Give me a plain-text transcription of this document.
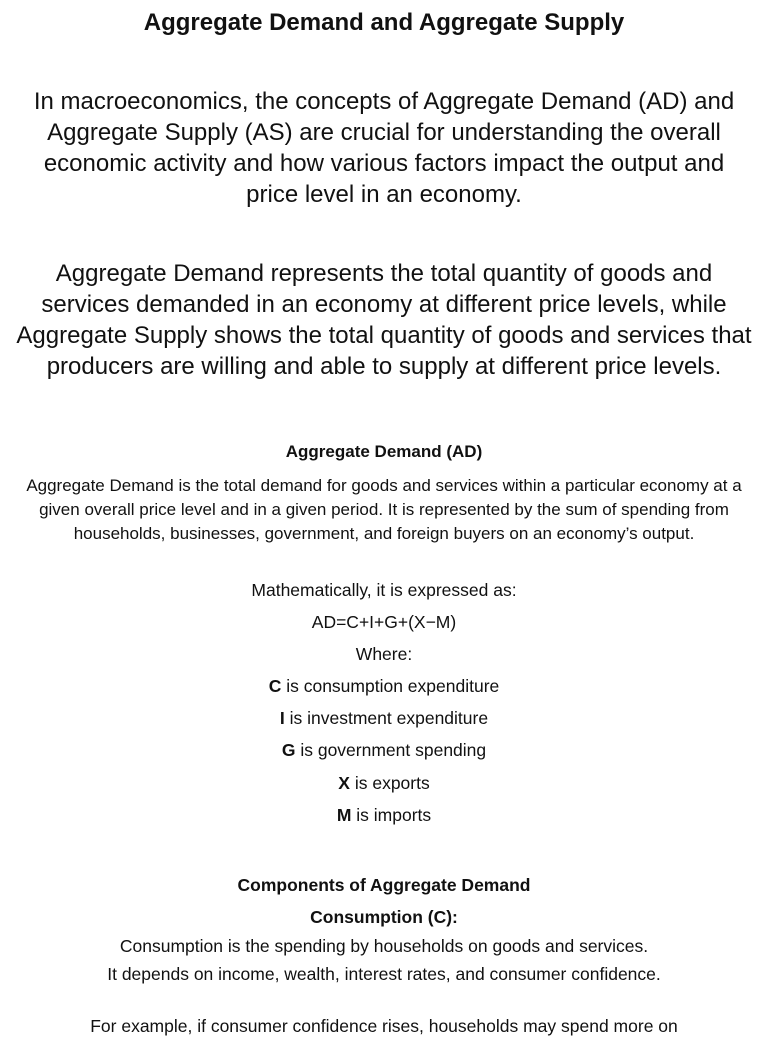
Aggregate Demand and Aggregate Supply

In macroeconomics, the concepts of Aggregate Demand (AD) and Aggregate Supply (AS) are crucial for understanding the overall economic activity and how various factors impact the output and price level in an economy.

Aggregate Demand represents the total quantity of goods and services demanded in an economy at different price levels, while Aggregate Supply shows the total quantity of goods and services that producers are willing and able to supply at different price levels.

Aggregate Demand (AD)

Aggregate Demand is the total demand for goods and services within a particular economy at a given overall price level and in a given period. It is represented by the sum of spending from households, businesses, government, and foreign buyers on an economy’s output.

Mathematically, it is expressed as:
AD=C+I+G+(X−M)
Where:
C is consumption expenditure
I is investment expenditure
G is government spending
X is exports
M is imports
Components of Aggregate Demand
Consumption (C):

Consumption is the spending by households on goods and services.

It depends on income, wealth, interest rates, and consumer confidence.

For example, if consumer confidence rises, households may spend more on
